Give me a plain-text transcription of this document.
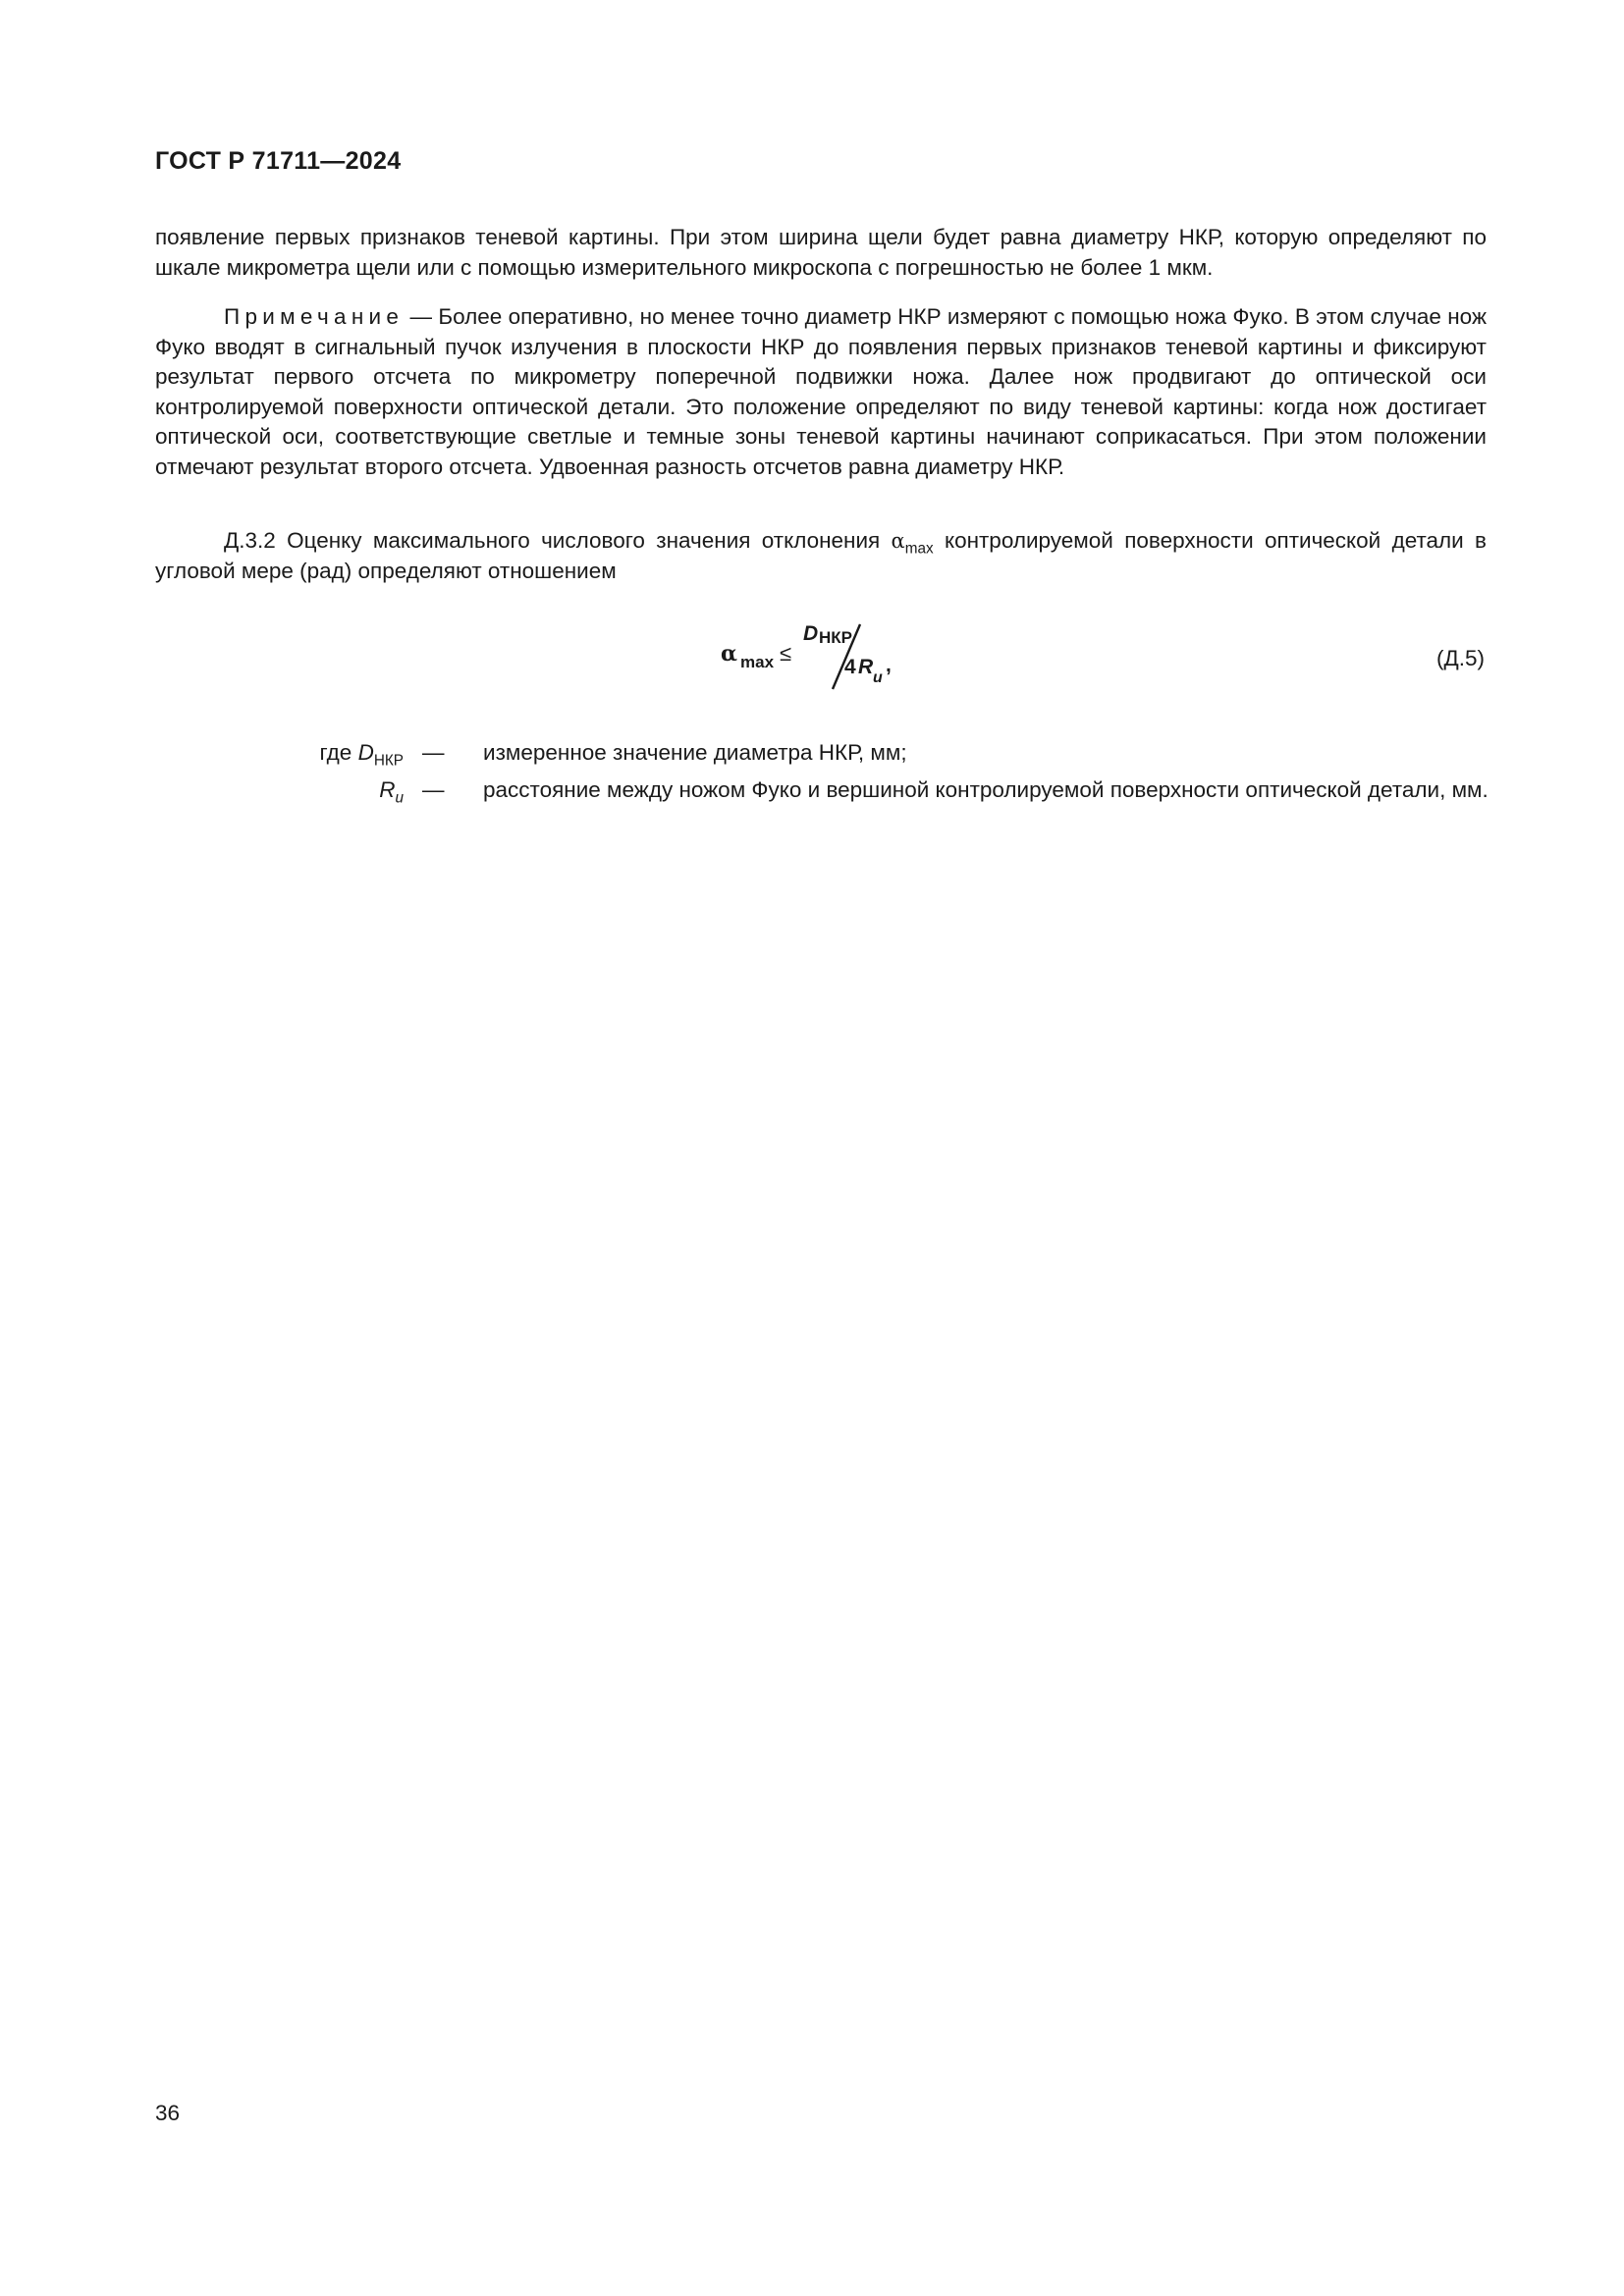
ГОСТ Р 71711—2024
появление первых признаков теневой картины. При этом ширина щели будет равна диаметру НКР, которую определяют по шкале микрометра щели или с помощью измерительного микроскопа с погрешностью не более 1 мкм.
Примечание — Более оперативно, но менее точно диаметр НКР измеряют с помощью ножа Фуко. В этом случае нож Фуко вводят в сигнальный пучок излучения в плоскости НКР до появления первых признаков теневой картины и фиксируют результат первого отсчета по микрометру поперечной подвижки ножа. Далее нож продвигают до оптической оси контролируемой поверхности оптической детали. Это положение определяют по виду теневой картины: когда нож достигает оптической оси, соответствующие светлые и темные зоны теневой картины начинают соприкасаться. При этом положении отмечают результат второго отсчета. Удвоенная разность отсчетов равна диаметру НКР.
Д.3.2 Оценку максимального числового значения отклонения $\alpha_{max}$ контролируемой поверхности оптической детали в угловой мере (рад) определяют отношением
α max ≤
D НКР
4 R u
,	(Д.5)
где $D_{НКР}$ — измеренное значение диаметра НКР, мм;
$R_u$ — расстояние между ножом Фуко и вершиной контролируемой поверхности оптической детали, мм.
36
